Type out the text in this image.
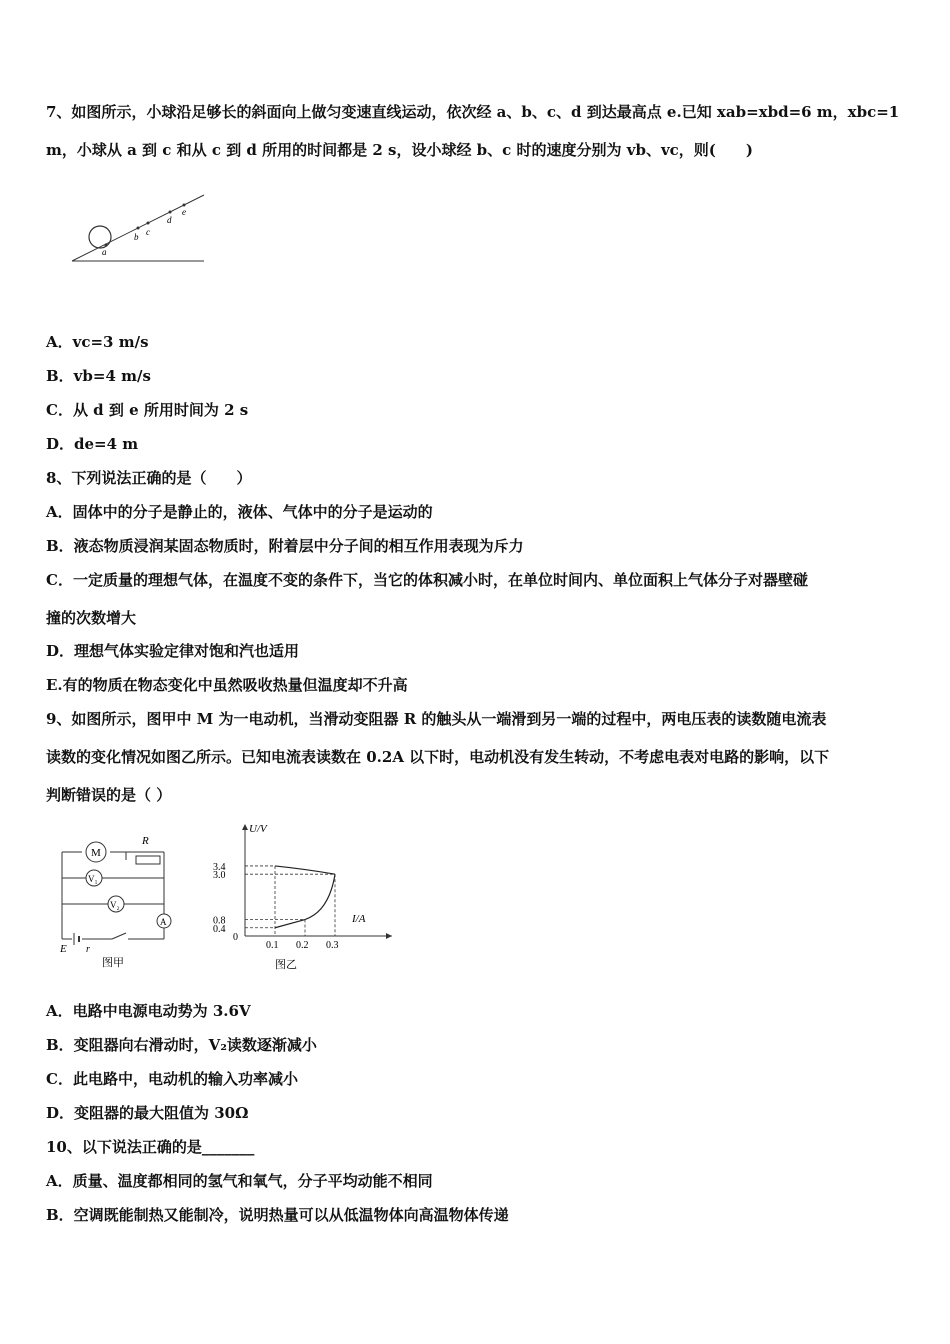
7、如图所示，小球沿足够长的斜面向上做匀变速直线运动，依次经 a、b、c、d 到达最高点 e.已知 xab=xbd=6 m，xbc=1
m，小球从 a 到 c 和从 c 到 d 所用的时间都是 2 s，设小球经 b、c 时的速度分别为 vb、vc，则(　　)
a
b c
d
e
A．vc=3 m/s
B．vb=4 m/s
C．从 d 到 e 所用时间为 2 s
D．de=4 m
8、下列说法正确的是（　　）
A．固体中的分子是静止的，液体、气体中的分子是运动的
B．液态物质浸润某固态物质时，附着层中分子间的相互作用表现为斥力
C．一定质量的理想气体，在温度不变的条件下，当它的体积减小时，在单位时间内、单位面积上气体分子对器壁碰
撞的次数增大
D．理想气体实验定律对饱和汽也适用
E.有的物质在物态变化中虽然吸收热量但温度却不升高
9、如图所示，图甲中 M 为一电动机，当滑动变阻器 R 的触头从一端滑到另一端的过程中，两电压表的读数随电流表
读数的变化情况如图乙所示。已知电流表读数在 0.2A 以下时，电动机没有发生转动，不考虑电表对电路的影响，以下
判断错误的是（ ）
M
R
V₁
V₂
A
E r
图甲
U/V
I/A
0
0.1 0.2 0.3
0.4
0.8
3.0
3.4
图乙
A．电路中电源电动势为 3.6V
B．变阻器向右滑动时，V₂读数逐渐减小
C．此电路中，电动机的输入功率减小
D．变阻器的最大阻值为 30Ω
10、以下说法正确的是_______
A．质量、温度都相同的氢气和氧气，分子平均动能不相同
B．空调既能制热又能制冷，说明热量可以从低温物体向高温物体传递
